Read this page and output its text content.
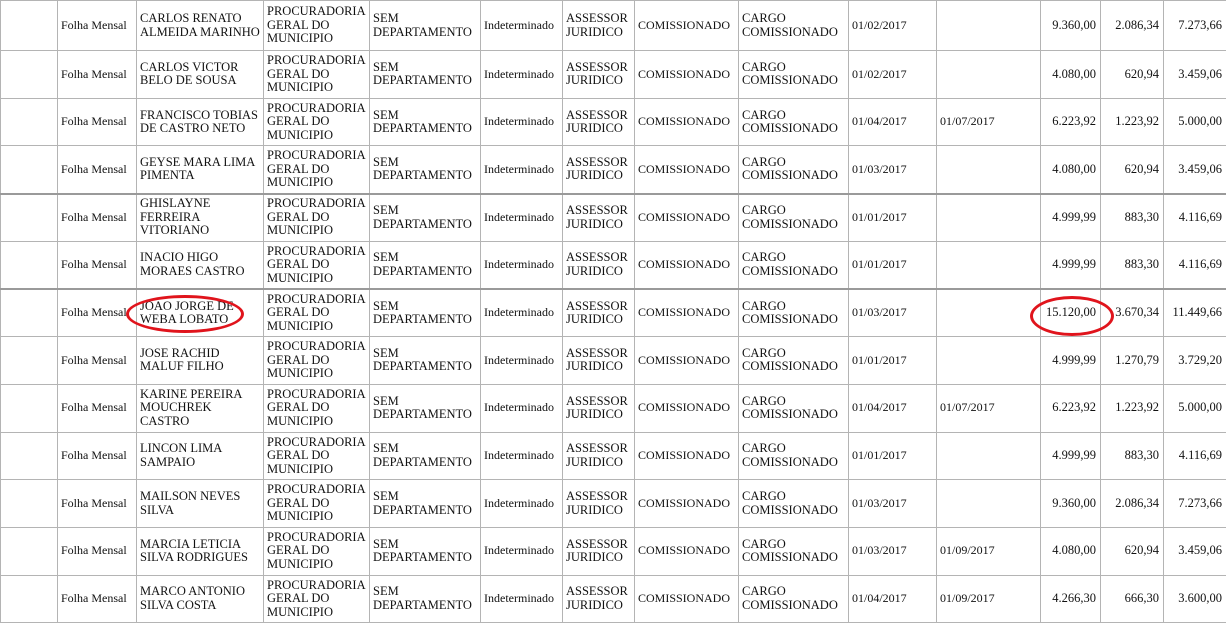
	Folha Mensal	CARLOS RENATO ALMEIDA MARINHO	PROCURADORIA GERAL DO MUNICIPIO	SEM DEPARTAMENTO	Indeterminado	ASSESSOR JURIDICO	COMISSIONADO	CARGO COMISSIONADO	01/02/2017		9.360,00	2.086,34	7.273,66
	Folha Mensal	CARLOS VICTOR BELO DE SOUSA	PROCURADORIA GERAL DO MUNICIPIO	SEM DEPARTAMENTO	Indeterminado	ASSESSOR JURIDICO	COMISSIONADO	CARGO COMISSIONADO	01/02/2017		4.080,00	620,94	3.459,06
	Folha Mensal	FRANCISCO TOBIAS DE CASTRO NETO	PROCURADORIA GERAL DO MUNICIPIO	SEM DEPARTAMENTO	Indeterminado	ASSESSOR JURIDICO	COMISSIONADO	CARGO COMISSIONADO	01/04/2017	01/07/2017	6.223,92	1.223,92	5.000,00
	Folha Mensal	GEYSE MARA LIMA PIMENTA	PROCURADORIA GERAL DO MUNICIPIO	SEM DEPARTAMENTO	Indeterminado	ASSESSOR JURIDICO	COMISSIONADO	CARGO COMISSIONADO	01/03/2017		4.080,00	620,94	3.459,06
	Folha Mensal	GHISLAYNE FERREIRA VITORIANO	PROCURADORIA GERAL DO MUNICIPIO	SEM DEPARTAMENTO	Indeterminado	ASSESSOR JURIDICO	COMISSIONADO	CARGO COMISSIONADO	01/01/2017		4.999,99	883,30	4.116,69
	Folha Mensal	INACIO HIGO MORAES CASTRO	PROCURADORIA GERAL DO MUNICIPIO	SEM DEPARTAMENTO	Indeterminado	ASSESSOR JURIDICO	COMISSIONADO	CARGO COMISSIONADO	01/01/2017		4.999,99	883,30	4.116,69
	Folha Mensal	JOAO JORGE DE WEBA LOBATO	PROCURADORIA GERAL DO MUNICIPIO	SEM DEPARTAMENTO	Indeterminado	ASSESSOR JURIDICO	COMISSIONADO	CARGO COMISSIONADO	01/03/2017		15.120,00	3.670,34	11.449,66
	Folha Mensal	JOSE RACHID MALUF FILHO	PROCURADORIA GERAL DO MUNICIPIO	SEM DEPARTAMENTO	Indeterminado	ASSESSOR JURIDICO	COMISSIONADO	CARGO COMISSIONADO	01/01/2017		4.999,99	1.270,79	3.729,20
	Folha Mensal	KARINE PEREIRA MOUCHREK CASTRO	PROCURADORIA GERAL DO MUNICIPIO	SEM DEPARTAMENTO	Indeterminado	ASSESSOR JURIDICO	COMISSIONADO	CARGO COMISSIONADO	01/04/2017	01/07/2017	6.223,92	1.223,92	5.000,00
	Folha Mensal	LINCON LIMA SAMPAIO	PROCURADORIA GERAL DO MUNICIPIO	SEM DEPARTAMENTO	Indeterminado	ASSESSOR JURIDICO	COMISSIONADO	CARGO COMISSIONADO	01/01/2017		4.999,99	883,30	4.116,69
	Folha Mensal	MAILSON NEVES SILVA	PROCURADORIA GERAL DO MUNICIPIO	SEM DEPARTAMENTO	Indeterminado	ASSESSOR JURIDICO	COMISSIONADO	CARGO COMISSIONADO	01/03/2017		9.360,00	2.086,34	7.273,66
	Folha Mensal	MARCIA LETICIA SILVA RODRIGUES	PROCURADORIA GERAL DO MUNICIPIO	SEM DEPARTAMENTO	Indeterminado	ASSESSOR JURIDICO	COMISSIONADO	CARGO COMISSIONADO	01/03/2017	01/09/2017	4.080,00	620,94	3.459,06
	Folha Mensal	MARCO ANTONIO SILVA COSTA	PROCURADORIA GERAL DO MUNICIPIO	SEM DEPARTAMENTO	Indeterminado	ASSESSOR JURIDICO	COMISSIONADO	CARGO COMISSIONADO	01/04/2017	01/09/2017	4.266,30	666,30	3.600,00
